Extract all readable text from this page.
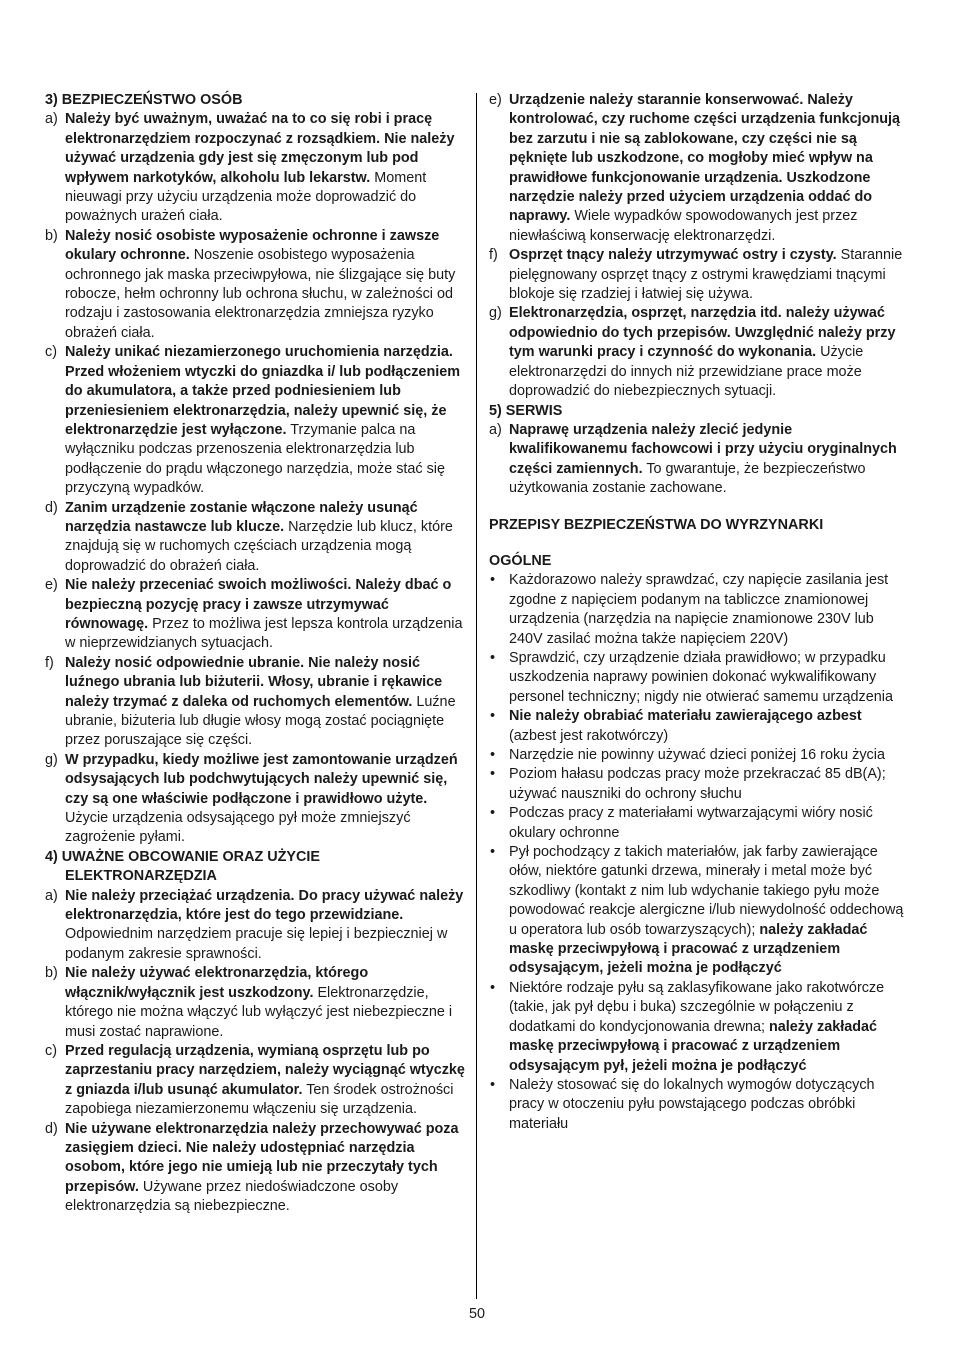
3) BEZPIECZEŃSTWO OSÓB

a) Należy być uważnym, uważać na to co się robi i pracę elektronarzędziem rozpoczynać z rozsądkiem. Nie należy używać urządzenia gdy jest się zmęczonym lub pod wpływem narkotyków, alkoholu lub lekarstw. Moment nieuwagi przy użyciu urządzenia może doprowadzić do poważnych urażeń ciała.

b) Należy nosić osobiste wyposażenie ochronne i zawsze okulary ochronne. Noszenie osobistego wyposażenia ochronnego jak maska przeciwpyłowa, nie ślizgające się buty robocze, hełm ochronny lub ochrona słuchu, w zależności od rodzaju i zastosowania elektronarzędzia zmniejsza ryzyko obrażeń ciała.

c) Należy unikać niezamierzonego uruchomienia narzędzia. Przed włożeniem wtyczki do gniazdka i/ lub podłączeniem do akumulatora, a także przed podniesieniem lub przeniesieniem elektronarzędzia, należy upewnić się, że elektronarzędzie jest wyłączone. Trzymanie palca na wyłączniku podczas przenoszenia elektronarzędzia lub podłączenie do prądu włączonego narzędzia, może stać się przyczyną wypadków.

d) Zanim urządzenie zostanie włączone należy usunąć narzędzia nastawcze lub klucze. Narzędzie lub klucz, które znajdują się w ruchomych częściach urządzenia mogą doprowadzić do obrażeń ciała.

e) Nie należy przeceniać swoich możliwości. Należy dbać o bezpieczną pozycję pracy i zawsze utrzymywać równowagę. Przez to możliwa jest lepsza kontrola urządzenia w nieprzewidzianych sytuacjach.

f) Należy nosić odpowiednie ubranie. Nie należy nosić luźnego ubrania lub biżuterii. Włosy, ubranie i rękawice należy trzymać z daleka od ruchomych elementów. Luźne ubranie, biżuteria lub długie włosy mogą zostać pociągnięte przez poruszające się części.

g) W przypadku, kiedy możliwe jest zamontowanie urządzeń odsysających lub podchwytujących należy upewnić się, czy są one właściwie podłączone i prawidłowo użyte. Użycie urządzenia odsysającego pył może zmniejszyć zagrożenie pyłami.

4) UWAŻNE OBCOWANIE ORAZ UŻYCIE
ELEKTRONARZĘDZIA

a) Nie należy przeciążać urządzenia. Do pracy używać należy elektronarzędzia, które jest do tego przewidziane. Odpowiednim narzędziem pracuje się lepiej i bezpieczniej w podanym zakresie sprawności.

b) Nie należy używać elektronarzędzia, którego włącznik/wyłącznik jest uszkodzony. Elektronarzędzie, którego nie można włączyć lub wyłączyć jest niebezpieczne i musi zostać naprawione.

c) Przed regulacją urządzenia, wymianą osprzętu lub po zaprzestaniu pracy narzędziem, należy wyciągnąć wtyczkę z gniazda i/lub usunąć akumulator. Ten środek ostrożności zapobiega niezamierzonemu włączeniu się urządzenia.

d) Nie używane elektronarzędzia należy przechowywać poza zasięgiem dzieci. Nie należy udostępniać narzędzia osobom, które jego nie umieją lub nie przeczytały tych przepisów. Używane przez niedoświadczone osoby elektronarzędzia są niebezpieczne.

e) Urządzenie należy starannie konserwować. Należy kontrolować, czy ruchome części urządzenia funkcjonują bez zarzutu i nie są zablokowane, czy części nie są pęknięte lub uszkodzone, co mogłoby mieć wpływ na prawidłowe funkcjonowanie urządzenia. Uszkodzone narzędzie należy przed użyciem urządzenia oddać do naprawy. Wiele wypadków spowodowanych jest przez niewłaściwą konserwację elektronarzędzi.

f) Osprzęt tnący należy utrzymywać ostry i czysty. Starannie pielęgnowany osprzęt tnący z ostrymi krawędziami tnącymi blokoje się rzadziej i łatwiej się używa.

g) Elektronarzędzia, osprzęt, narzędzia itd. należy używać odpowiednio do tych przepisów. Uwzględnić należy przy tym warunki pracy i czynność do wykonania. Użycie elektronarzędzi do innych niż przewidziane prace może doprowadzić do niebezpiecznych sytuacji.

5) SERWIS

a) Naprawę urządzenia należy zlecić jedynie kwalifikowanemu fachowcowi i przy użyciu oryginalnych części zamiennych. To gwarantuje, że bezpieczeństwo użytkowania zostanie zachowane.

PRZEPISY BEZPIECZEŃSTWA DO WYRZYNARKI

OGÓLNE

• Każdorazowo należy sprawdzać, czy napięcie zasilania jest zgodne z napięciem podanym na tabliczce znamionowej urządzenia (narzędzia na napięcie znamionowe 230V lub 240V zasilać można także napięciem 220V)

• Sprawdzić, czy urządzenie działa prawidłowo; w przypadku uszkodzenia naprawy powinien dokonać wykwalifikowany personel techniczny; nigdy nie otwierać samemu urządzenia

• Nie należy obrabiać materiału zawierającego azbest (azbest jest rakotwórczy)

• Narzędzie nie powinny używać dzieci poniżej 16 roku życia

• Poziom hałasu podczas pracy może przekraczać 85 dB(A); używać nauszniki do ochrony słuchu

• Podczas pracy z materiałami wytwarzającymi wióry nosić okulary ochronne

• Pył pochodzący z takich materiałów, jak farby zawierające ołów, niektóre gatunki drzewa, minerały i metal może być szkodliwy (kontakt z nim lub wdychanie takiego pyłu może powodować reakcje alergiczne i/lub niewydolność oddechową u operatora lub osób towarzyszących); należy zakładać maskę przeciwpyłową i pracować z urządzeniem odsysającym, jeżeli można je podłączyć

• Niektóre rodzaje pyłu są zaklasyfikowane jako rakotwórcze (takie, jak pył dębu i buka) szczególnie w połączeniu z dodatkami do kondycjonowania drewna; należy zakładać maskę przeciwpyłową i pracować z urządzeniem odsysającym pył, jeżeli można je podłączyć

• Należy stosować się do lokalnych wymogów dotyczących pracy w otoczeniu pyłu powstającego podczas obróbki materiału

50
